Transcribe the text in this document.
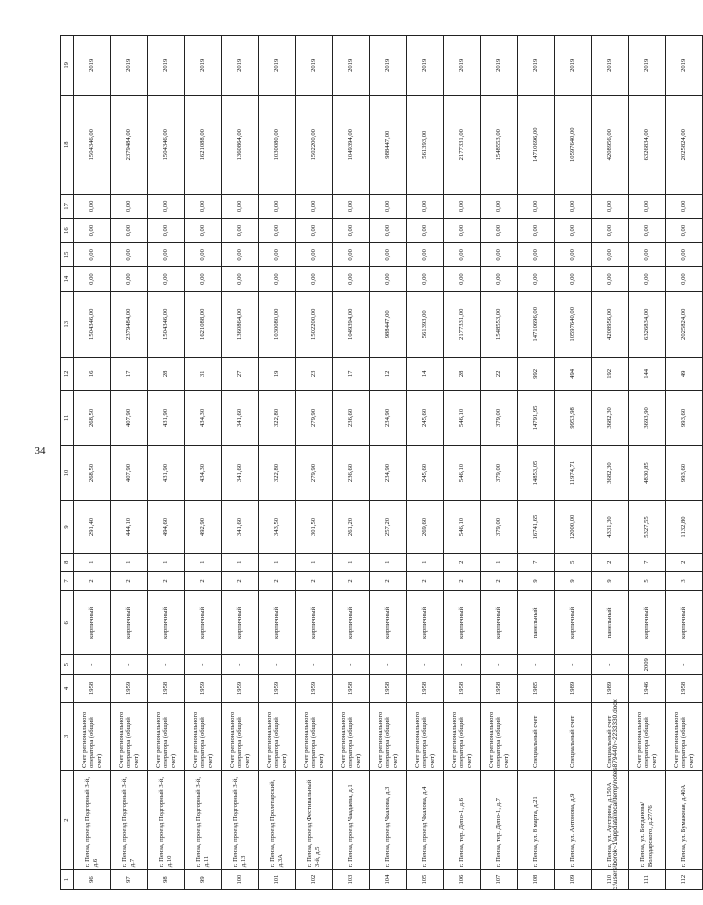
34
1	2	3	4	5	6	7	8	9	10	11	12	13	14	15	16	17	18	19
96	г. Пенза, проезд Подгорный 3-й, д.6	Счет регионального оператора (общий счет)	1958	-	кирпичный	2	1	291,40	268,50	268,50	16	1504346,00	0,00	0,00	0,00	0,00	1504346,00	2019
97	г. Пенза, проезд Подгорный 3-й, д.7	Счет регионального оператора (общий счет)	1959	-	кирпичный	2	1	444,10	407,90	407,90	17	2379484,00	0,00	0,00	0,00	0,00	2379484,00	2019
98	г. Пенза, проезд Подгорный 3-й, д.10	Счет регионального оператора (общий счет)	1958	-	кирпичный	2	1	494,60	431,90	431,90	28	1504346,00	0,00	0,00	0,00	0,00	1504346,00	2019
99	г. Пенза, проезд Подгорный 3-й, д.11	Счет регионального оператора (общий счет)	1959	-	кирпичный	2	1	492,90	434,30	434,30	31	1621088,00	0,00	0,00	0,00	0,00	1621088,00	2019
100	г. Пенза, проезд Подгорный 3-й, д.13	Счет регионального оператора (общий счет)	1959	-	кирпичный	2	1	341,60	341,60	341,60	27	1360864,00	0,00	0,00	0,00	0,00	1360864,00	2019
101	г. Пенза, проезд Пролетарский, д.3А	Счет регионального оператора (общий счет)	1959	-	кирпичный	2	1	343,50	322,80	322,80	19	1030080,00	0,00	0,00	0,00	0,00	1030080,00	2019
102	г. Пенза, проезд Фестивальный 3-й, д.5	Счет регионального оператора (общий счет)	1959	-	кирпичный	2	1	301,50	279,90	279,90	23	1502200,00	0,00	0,00	0,00	0,00	1502200,00	2019
103	г. Пенза, проезд Чаадаева, д.1	Счет регионального оператора (общий счет)	1958	-	кирпичный	2	1	261,20	236,60	236,60	17	1049394,00	0,00	0,00	0,00	0,00	1049394,00	2019
104	г. Пенза, проезд Чкалова, д.3	Счет регионального оператора (общий счет)	1958	-	кирпичный	2	1	257,20	234,90	234,90	12	988447,00	0,00	0,00	0,00	0,00	988447,00	2019
105	г. Пенза, проезд Чкалова, д.4	Счет регионального оператора (общий счет)	1958	-	кирпичный	2	1	269,60	245,60	245,60	14	561393,00	0,00	0,00	0,00	0,00	561393,00	2019
106	г. Пенза, тер. Депо-1, д.6	Счет регионального оператора (общий счет)	1958	-	кирпичный	2	2	546,10	546,10	546,10	28	2177331,00	0,00	0,00	0,00	0,00	2177331,00	2019
107	г. Пенза, тер. Депо-1, д.7	Счет регионального оператора (общий счет)	1958	-	кирпичный	2	1	379,00	379,00	379,00	22	1548553,00	0,00	0,00	0,00	0,00	1548553,00	2019
108	г. Пенза, ул. 8 марта, д.21	Специальный счет	1985	-	панельный	9	7	16741,65	14853,05	14791,95	992	14710696,00	0,00	0,00	0,00	0,00	14710696,00	2019
109	г. Пенза, ул. Антонова, д.9	Специальный счет	1989	-	кирпичный	9	5	12000,00	11974,71	9953,98	494	10597640,00	0,00	0,00	0,00	0,00	10597640,00	2019
110	г. Пенза, ул. Аустрина, д.150А	Специальный счет	1989	-	панельный	9	2	4331,30	3682,30	3682,30	192	4208956,00	0,00	0,00	0,00	0,00	4208956,00	2019
111	г. Пенза, ул. Богданова/ Володарского, д.27/76	Счет регионального оператора (общий счет)	1946	2009	кирпичный	5	7	5327,55	4830,85	3693,90	144	6326834,00	0,00	0,00	0,00	0,00	6326834,00	2019
112	г. Пенза, ул. Бумажная, д.40А	Счет регионального оператора (общий счет)	1958	-	кирпичный	3	2	1132,80	993,60	993,60	49	2025824,00	0,00	0,00	0,00	0,00	2025824,00	2019
c:\users\borok~1\appdata\local\temp\notes879440\~2233330.docx
